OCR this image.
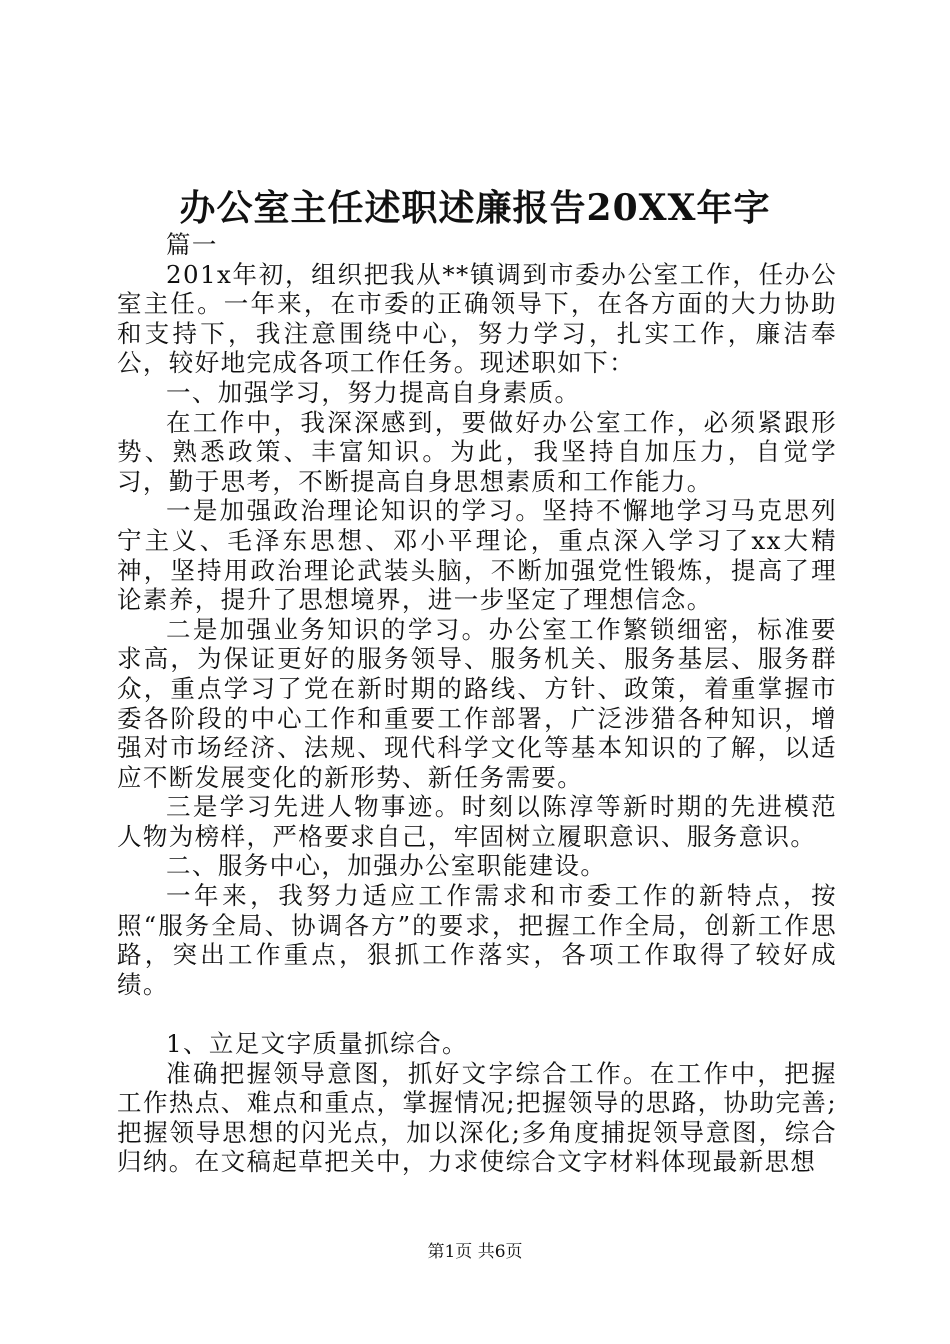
办公室主任述职述廉报告20XX年字

篇一

201x年初，组织把我从**镇调到市委办公室工作，任办公室主任。一年来，在市委的正确领导下，在各方面的大力协助和支持下，我注意围绕中心，努力学习，扎实工作，廉洁奉公，较好地完成各项工作任务。现述职如下：

一、加强学习，努力提高自身素质。

在工作中，我深深感到，要做好办公室工作，必须紧跟形势、熟悉政策、丰富知识。为此，我坚持自加压力，自觉学习，勤于思考，不断提高自身思想素质和工作能力。

一是加强政治理论知识的学习。坚持不懈地学习马克思列宁主义、毛泽东思想、邓小平理论，重点深入学习了xx大精神，坚持用政治理论武装头脑，不断加强党性锻炼，提高了理论素养，提升了思想境界，进一步坚定了理想信念。

二是加强业务知识的学习。办公室工作繁锁细密，标准要求高，为保证更好的服务领导、服务机关、服务基层、服务群众，重点学习了党在新时期的路线、方针、政策，着重掌握市委各阶段的中心工作和重要工作部署，广泛涉猎各种知识，增强对市场经济、法规、现代科学文化等基本知识的了解，以适应不断发展变化的新形势、新任务需要。

三是学习先进人物事迹。时刻以陈淳等新时期的先进模范人物为榜样，严格要求自己，牢固树立履职意识、服务意识。

二、服务中心，加强办公室职能建设。

一年来，我努力适应工作需求和市委工作的新特点，按照“服务全局、协调各方”的要求，把握工作全局，创新工作思路，突出工作重点，狠抓工作落实，各项工作取得了较好成绩。

1、立足文字质量抓综合。

准确把握领导意图，抓好文字综合工作。在工作中，把握工作热点、难点和重点，掌握情况;把握领导的思路，协助完善;把握领导思想的闪光点，加以深化;多角度捕捉领导意图，综合归纳。在文稿起草把关中，力求使综合文字材料体现最新思想

第1页 共6页
